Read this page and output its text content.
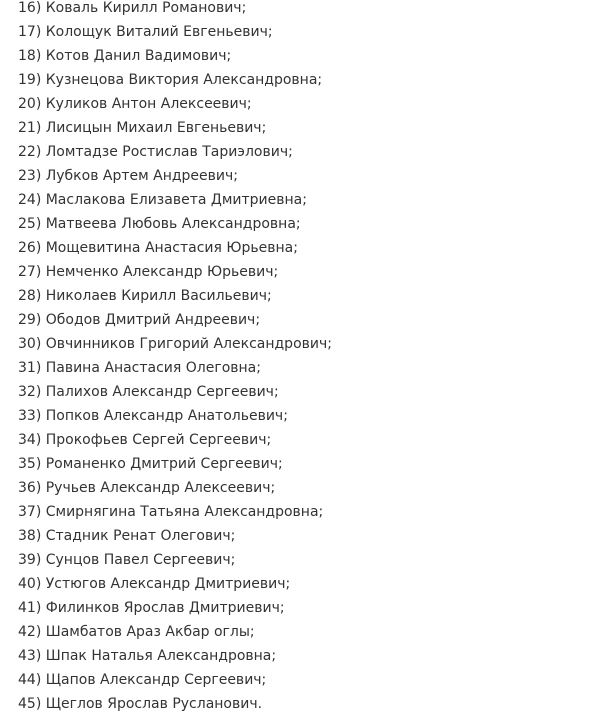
16) Коваль Кирилл Романович;
17) Колощук Виталий Евгеньевич;
18) Котов Данил Вадимович;
19) Кузнецова Виктория Александровна;
20) Куликов Антон Алексеевич;
21) Лисицын Михаил Евгеньевич;
22) Ломтадзе Ростислав Тариэлович;
23) Лубков Артем Андреевич;
24) Маслакова Елизавета Дмитриевна;
25) Матвеева Любовь Александровна;
26) Мощевитина Анастасия Юрьевна;
27) Немченко Александр Юрьевич;
28) Николаев Кирилл Васильевич;
29) Ободов Дмитрий Андреевич;
30) Овчинников Григорий Александрович;
31) Павина Анастасия Олеговна;
32) Палихов Александр Сергеевич;
33) Попков Александр Анатольевич;
34) Прокофьев Сергей Сергеевич;
35) Романенко Дмитрий Сергеевич;
36) Ручьев Александр Алексеевич;
37) Смирнягина Татьяна Александровна;
38) Стадник Ренат Олегович;
39) Сунцов Павел Сергеевич;
40) Устюгов Александр Дмитриевич;
41) Филинков Ярослав Дмитриевич;
42) Шамбатов Араз Акбар оглы;
43) Шпак Наталья Александровна;
44) Щапов Александр Сергеевич;
45) Щеглов Ярослав Русланович.
